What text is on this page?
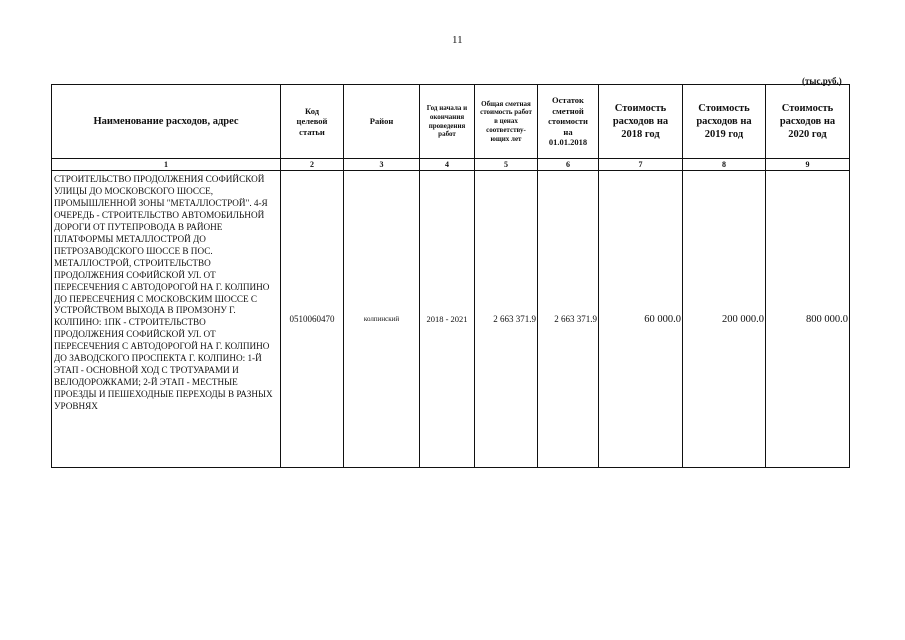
11
(тыс.руб.)
Наименование расходов, адрес	Код целевой статьи	Район	Год начала и окончания проведения работ	Общая сметная стоимость работ в ценах соответству-ющих лет	Остаток сметной стоимости на 01.01.2018	Стоимость расходов на 2018 год	Стоимость расходов на 2019 год	Стоимость расходов на 2020 год
1	2	3	4	5	6	7	8	9
СТРОИТЕЛЬСТВО ПРОДОЛЖЕНИЯ СОФИЙСКОЙ УЛИЦЫ ДО МОСКОВСКОГО ШОССЕ, ПРОМЫШЛЕННОЙ ЗОНЫ "МЕТАЛЛОСТРОЙ". 4-Я ОЧЕРЕДЬ - СТРОИТЕЛЬСТВО АВТОМОБИЛЬНОЙ ДОРОГИ ОТ ПУТЕПРОВОДА В РАЙОНЕ ПЛАТФОРМЫ МЕТАЛЛОСТРОЙ ДО ПЕТРОЗАВОДСКОГО ШОССЕ В ПОС. МЕТАЛЛОСТРОЙ, СТРОИТЕЛЬСТВО ПРОДОЛЖЕНИЯ СОФИЙСКОЙ УЛ. ОТ ПЕРЕСЕЧЕНИЯ С АВТОДОРОГОЙ НА Г. КОЛПИНО ДО ПЕРЕСЕЧЕНИЯ С МОСКОВСКИМ ШОССЕ С УСТРОЙСТВОМ ВЫХОДА В ПРОМЗОНУ Г. КОЛПИНО: 1ПК - СТРОИТЕЛЬСТВО ПРОДОЛЖЕНИЯ СОФИЙСКОЙ УЛ. ОТ ПЕРЕСЕЧЕНИЯ С АВТОДОРОГОЙ НА Г. КОЛПИНО ДО ЗАВОДСКОГО ПРОСПЕКТА Г. КОЛПИНО: 1-Й ЭТАП - ОСНОВНОЙ ХОД С ТРОТУАРАМИ И ВЕЛОДОРОЖКАМИ; 2-Й ЭТАП - МЕСТНЫЕ ПРОЕЗДЫ И ПЕШЕХОДНЫЕ ПЕРЕХОДЫ В РАЗНЫХ УРОВНЯХ	0510060470	колпинский	2018 - 2021	2 663 371.9	2 663 371.9	60 000.0	200 000.0	800 000.0
